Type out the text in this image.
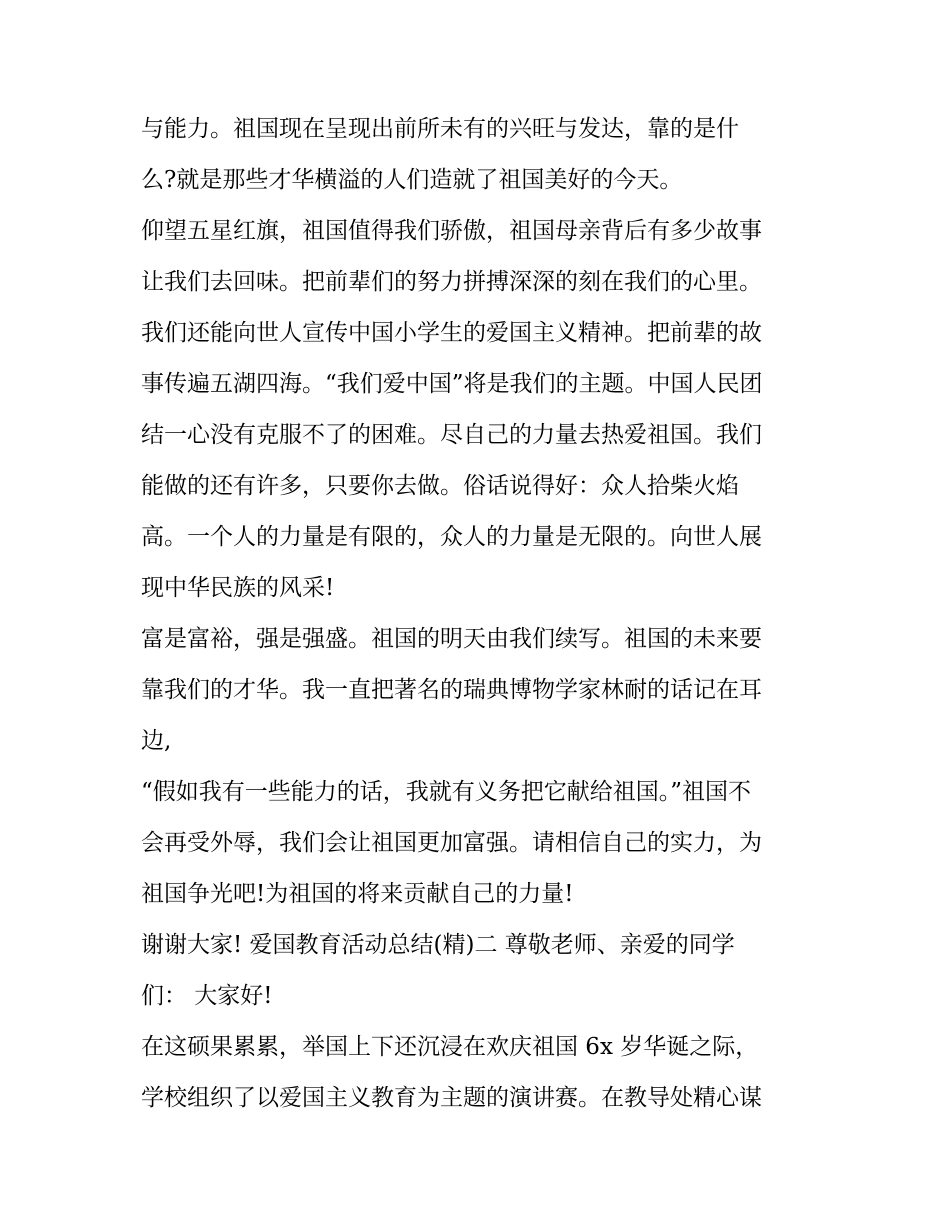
与能力。祖国现在呈现出前所未有的兴旺与发达，靠的是什
么?就是那些才华横溢的人们造就了祖国美好的今天。
仰望五星红旗，祖国值得我们骄傲，祖国母亲背后有多少故事
让我们去回味。把前辈们的努力拼搏深深的刻在我们的心里。
我们还能向世人宣传中国小学生的爱国主义精神。把前辈的故
事传遍五湖四海。“我们爱中国”将是我们的主题。中国人民团
结一心没有克服不了的困难。尽自己的力量去热爱祖国。我们
能做的还有许多，只要你去做。俗话说得好：众人拾柴火焰
高。一个人的力量是有限的，众人的力量是无限的。向世人展
现中华民族的风采!
富是富裕，强是强盛。祖国的明天由我们续写。祖国的未来要
靠我们的才华。我一直把著名的瑞典博物学家林耐的话记在耳
边,
“假如我有一些能力的话，我就有义务把它献给祖国。”祖国不
会再受外辱，我们会让祖国更加富强。请相信自己的实力，为
祖国争光吧!为祖国的将来贡献自己的力量!
谢谢大家! 爱国教育活动总结(精)二 尊敬老师、亲爱的同学
们： 大家好!
在这硕果累累，举国上下还沉浸在欢庆祖国 6x 岁华诞之际，
学校组织了以爱国主义教育为主题的演讲赛。在教导处精心谋
